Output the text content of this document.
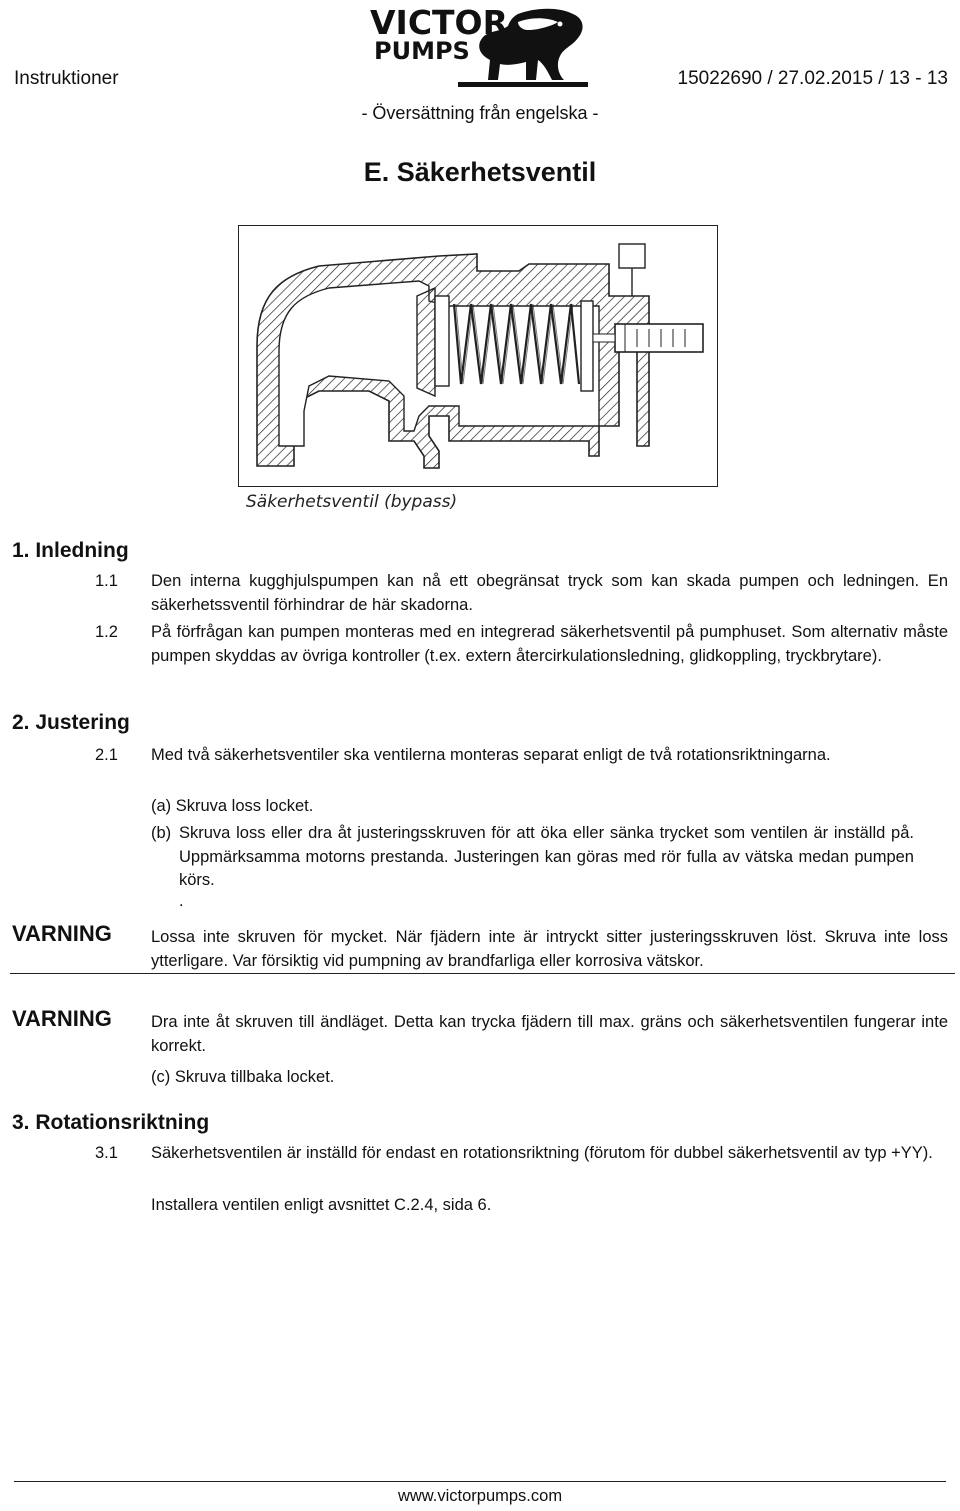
Instruktioner	15022690 / 27.02.2015 / 13 - 13
VICTOR
PUMPS
- Översättning från engelska -
E. Säkerhetsventil
Säkerhetsventil (bypass)
1. Inledning
1.1 Den interna kugghjulspumpen kan nå ett obegränsat tryck som kan skada pumpen och ledningen. En säkerhetssventil förhindrar de här skadorna.
1.2 På förfrågan kan pumpen monteras med en integrerad säkerhetsventil på pumphuset. Som alternativ måste pumpen skyddas av övriga kontroller (t.ex. extern återcirkulationsledning, glidkoppling, tryckbrytare).
2. Justering
2.1 Med två säkerhetsventiler ska ventilerna monteras separat enligt de två rotationsriktningarna.
(a) Skruva loss locket.
(b) Skruva loss eller dra åt justeringsskruven för att öka eller sänka trycket som ventilen är inställd på. Uppmärksamma motorns prestanda. Justeringen kan göras med rör fulla av vätska medan pumpen körs.
.
VARNING Lossa inte skruven för mycket. När fjädern inte är intryckt sitter justeringsskruven löst. Skruva inte loss ytterligare. Var försiktig vid pumpning av brandfarliga eller korrosiva vätskor.
VARNING Dra inte åt skruven till ändläget. Detta kan trycka fjädern till max. gräns och säkerhetsventilen fungerar inte korrekt.
(c) Skruva tillbaka locket.
3. Rotationsriktning
3.1 Säkerhetsventilen är inställd för endast en rotationsriktning (förutom för dubbel säkerhetsventil av typ +YY).
Installera ventilen enligt avsnittet C.2.4, sida 6.
www.victorpumps.com
